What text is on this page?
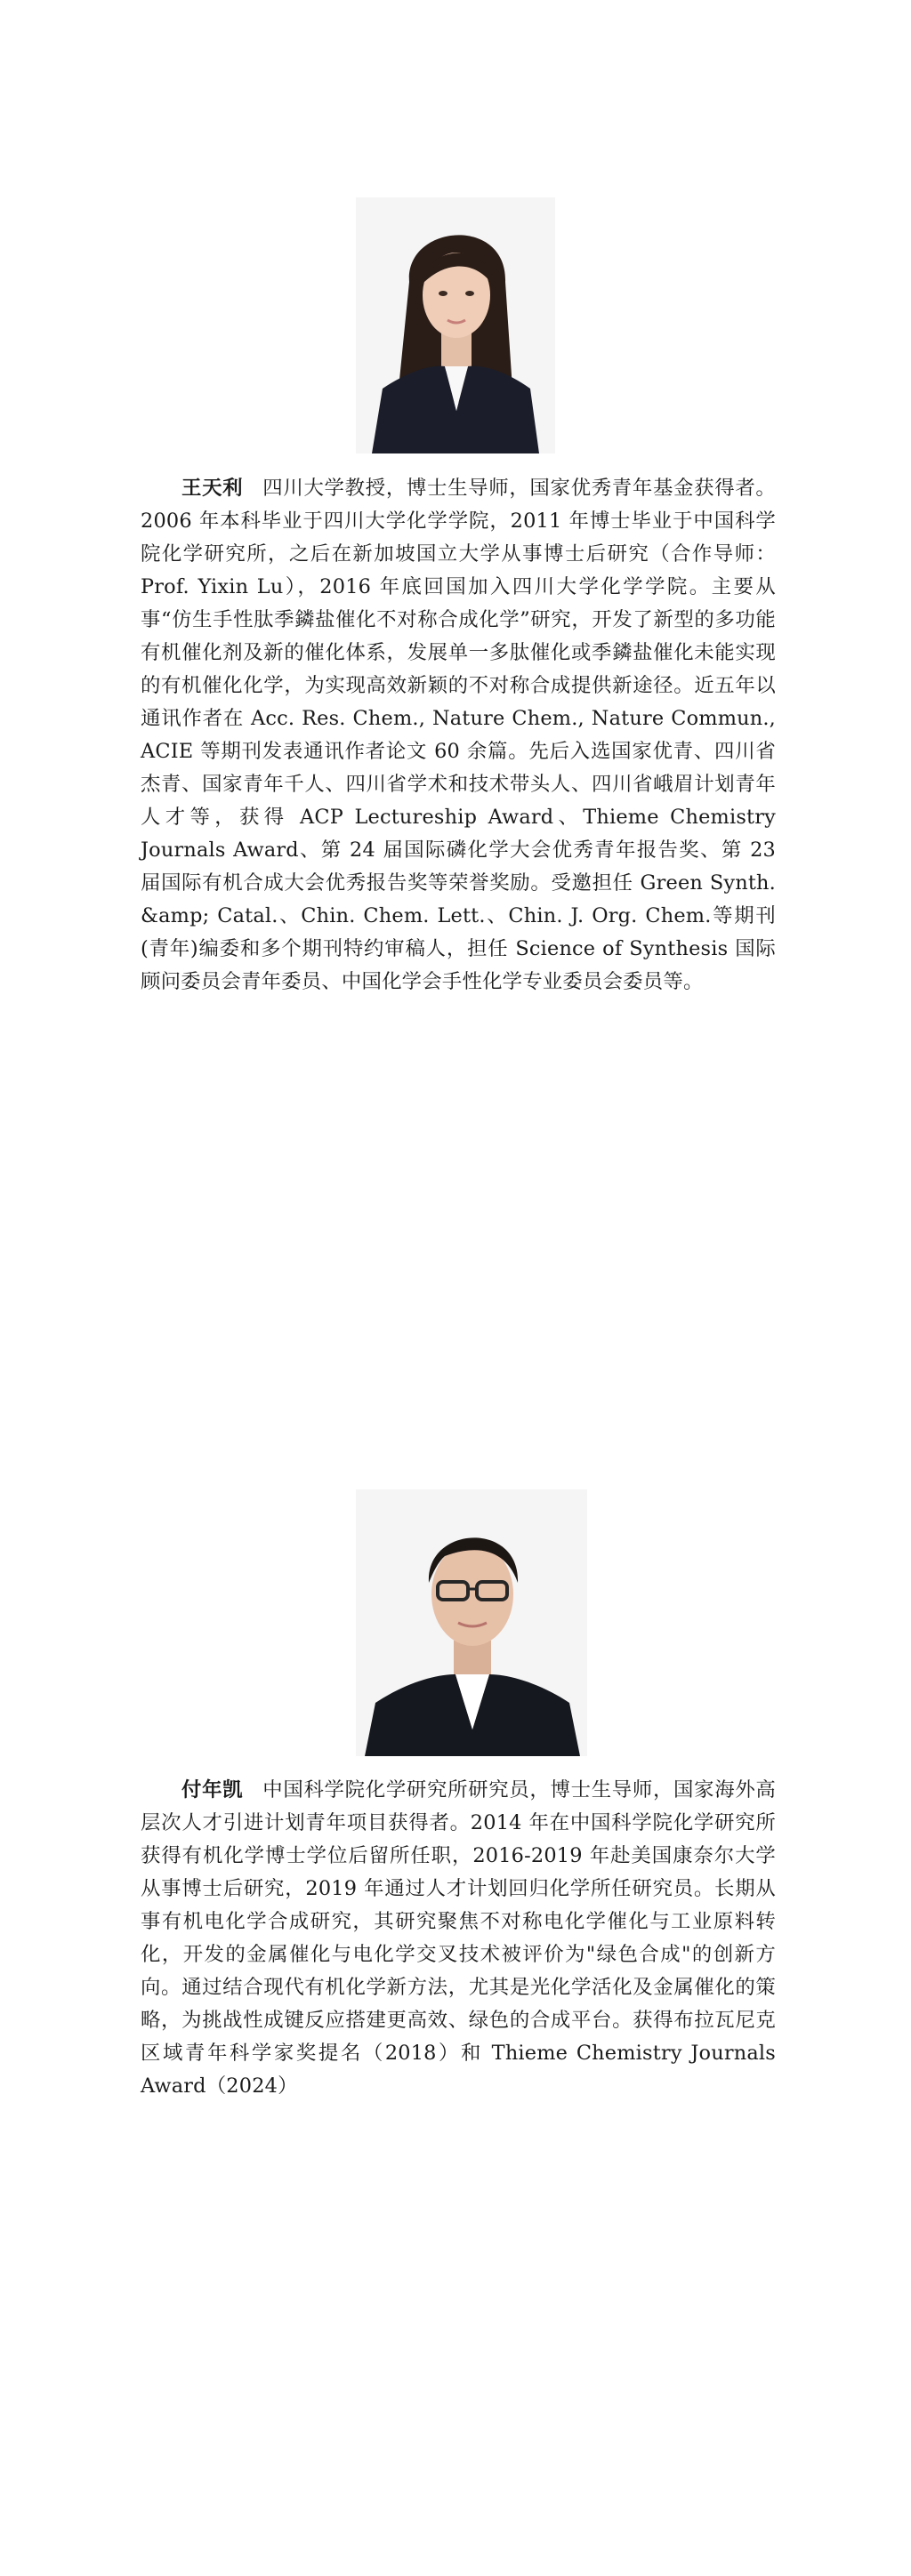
王天利 四川大学教授，博士生导师，国家优秀青年基金获得者。2006 年本科毕业于四川大学化学学院，2011 年博士毕业于中国科学院化学研究所，之后在新加坡国立大学从事博士后研究（合作导师：Prof. Yixin Lu），2016 年底回国加入四川大学化学学院。主要从事“仿生手性肽季鏻盐催化不对称合成化学”研究，开发了新型的多功能有机催化剂及新的催化体系，发展单一多肽催化或季鏻盐催化未能实现的有机催化化学，为实现高效新颖的不对称合成提供新途径。近五年以通讯作者在 Acc. Res. Chem., Nature Chem., Nature Commun., ACIE 等期刊发表通讯作者论文 60 余篇。先后入选国家优青、四川省杰青、国家青年千人、四川省学术和技术带头人、四川省峨眉计划青年人才等，获得 ACP Lectureship Award、Thieme Chemistry Journals Award、第 24 届国际磷化学大会优秀青年报告奖、第 23 届国际有机合成大会优秀报告奖等荣誉奖励。受邀担任 Green Synth. &amp; Catal.、Chin. Chem. Lett.、Chin. J. Org. Chem.等期刊(青年)编委和多个期刊特约审稿人，担任 Science of Synthesis 国际顾问委员会青年委员、中国化学会手性化学专业委员会委员等。

付年凯 中国科学院化学研究所研究员，博士生导师，国家海外高层次人才引进计划青年项目获得者。2014 年在中国科学院化学研究所获得有机化学博士学位后留所任职，2016-2019 年赴美国康奈尔大学从事博士后研究，2019 年通过人才计划回归化学所任研究员。长期从事有机电化学合成研究，其研究聚焦不对称电化学催化与工业原料转化，开发的金属催化与电化学交叉技术被评价为"绿色合成"的创新方向。通过结合现代有机化学新方法，尤其是光化学活化及金属催化的策略，为挑战性成键反应搭建更高效、绿色的合成平台。获得布拉瓦尼克区域青年科学家奖提名（2018）和 Thieme Chemistry Journals Award（2024）
